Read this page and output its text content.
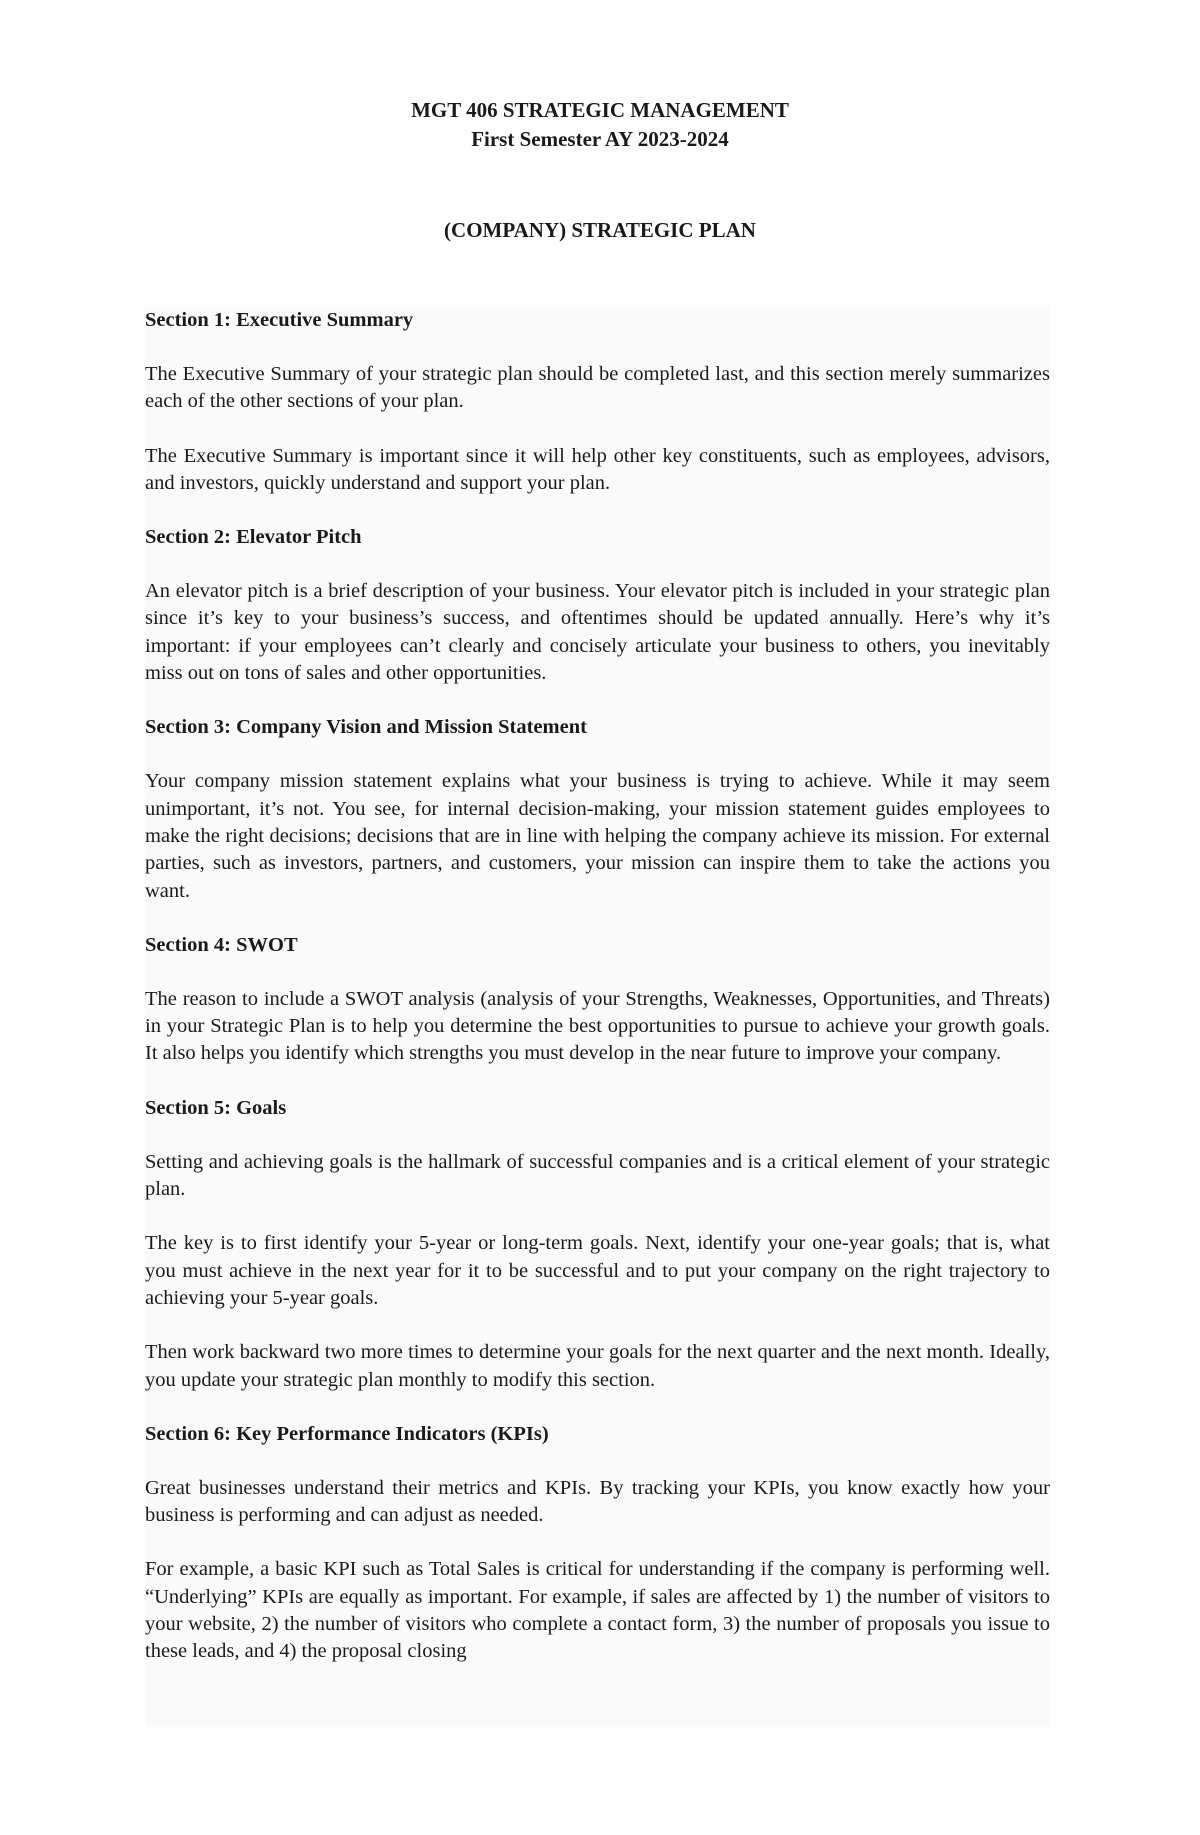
MGT 406 STRATEGIC MANAGEMENT
First Semester AY 2023-2024
(COMPANY) STRATEGIC PLAN
Section 1: Executive Summary

The Executive Summary of your strategic plan should be completed last, and this section merely summarizes each of the other sections of your plan.

The Executive Summary is important since it will help other key constituents, such as employees, advisors, and investors, quickly understand and support your plan.

Section 2: Elevator Pitch

An elevator pitch is a brief description of your business. Your elevator pitch is included in your strategic plan since it’s key to your business’s success, and oftentimes should be updated annually. Here’s why it’s important: if your employees can’t clearly and concisely articulate your business to others, you inevitably miss out on tons of sales and other opportunities.

Section 3: Company Vision and Mission Statement

Your company mission statement explains what your business is trying to achieve. While it may seem unimportant, it’s not. You see, for internal decision-making, your mission statement guides employees to make the right decisions; decisions that are in line with helping the company achieve its mission. For external parties, such as investors, partners, and customers, your mission can inspire them to take the actions you want.

Section 4: SWOT

The reason to include a SWOT analysis (analysis of your Strengths, Weaknesses, Opportunities, and Threats) in your Strategic Plan is to help you determine the best opportunities to pursue to achieve your growth goals. It also helps you identify which strengths you must develop in the near future to improve your company.

Section 5: Goals

Setting and achieving goals is the hallmark of successful companies and is a critical element of your strategic plan.

The key is to first identify your 5-year or long-term goals. Next, identify your one-year goals; that is, what you must achieve in the next year for it to be successful and to put your company on the right trajectory to achieving your 5-year goals.

Then work backward two more times to determine your goals for the next quarter and the next month. Ideally, you update your strategic plan monthly to modify this section.

Section 6: Key Performance Indicators (KPIs)

Great businesses understand their metrics and KPIs. By tracking your KPIs, you know exactly how your business is performing and can adjust as needed.

For example, a basic KPI such as Total Sales is critical for understanding if the company is performing well. “Underlying” KPIs are equally as important. For example, if sales are affected by 1) the number of visitors to your website, 2) the number of visitors who complete a contact form, 3) the number of proposals you issue to these leads, and 4) the proposal closing
